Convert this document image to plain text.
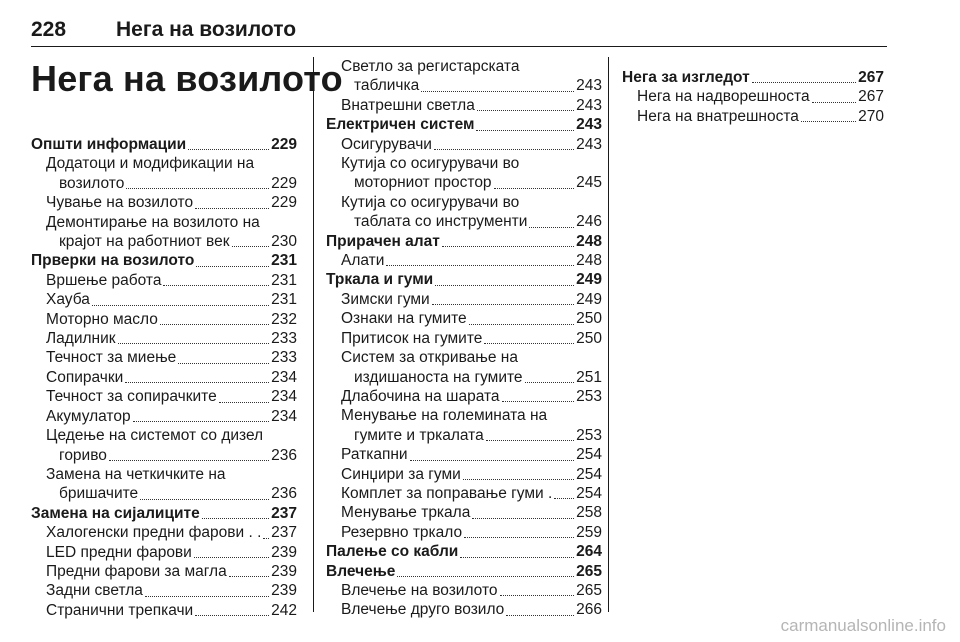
228 Нега на возилото
Нега на возилото
Општи информации	229
Додатоци и модификации на
возилото	229
Чување на возилото	229
Демонтирање на возилото на
крајот на работниот век	230
Прверки на возилото	231
Вршење работа	231
Хауба	231
Моторно масло	232
Ладилник	233
Течност за миење	233
Сопирачки	234
Течност за сопирачките	234
Акумулатор	234
Цедење на системот со дизел
гориво	236
Замена на четкичките на
бришачите	236
Замена на сијалиците	237
Халогенски предни фарови . . 237
LED предни фарови	239
Предни фарови за магла	239
Задни светла	239
Странични трепкачи	242
Светло за регистарската
табличка	243
Внатрешни светла	243
Електричен систем	243
Осигурувачи	243
Кутија со осигурувачи во
моторниот простор	245
Кутија со осигурувачи во
таблата со инструменти	246
Прирачен алат	248
Алати	248
Тркала и гуми	249
Зимски гуми	249
Ознаки на гумите	250
Притисок на гумите	250
Систем за откривање на
издишаноста на гумите	251
Длабочина на шарата	253
Менување на големината на
гумите и тркалата	253
Раткапни	254
Синџири за гуми	254
Комплет за поправање гуми . 254
Менување тркала	258
Резервно тркало	259
Палење со кабли	264
Влечење	265
Влечење на возилото	265
Влечење друго возило	266
Нега за изгледот	267
Нега на надворешноста	267
Нега на внатрешноста	270
carmanualsonline.info
